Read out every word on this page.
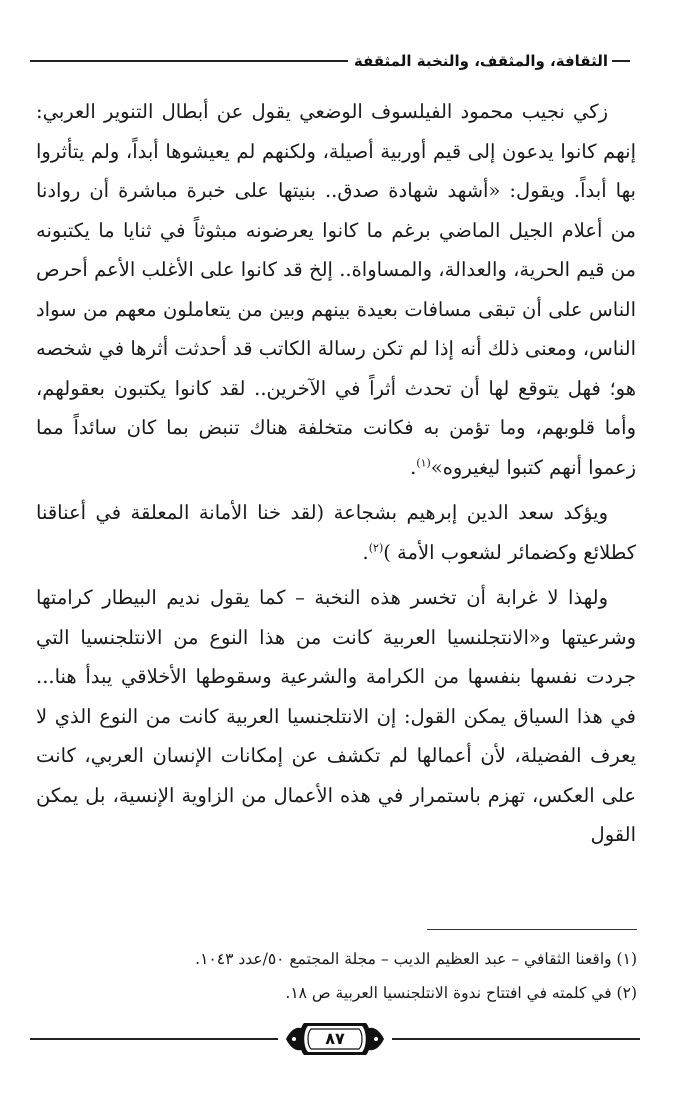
الثقافة، والمثقف، والنخبة المثقفة

زكي نجيب محمود الفيلسوف الوضعي يقول عن أبطال التنوير العربي: إنهم كانوا يدعون إلى قيم أوربية أصيلة، ولكنهم لم يعيشوها أبداً، ولم يتأثروا بها أبداً. ويقول: «أشهد شهادة صدق.. بنيتها على خبرة مباشرة أن روادنا من أعلام الجيل الماضي برغم ما كانوا يعرضونه مبثوثاً في ثنايا ما يكتبونه من قيم الحرية، والعدالة، والمساواة.. إلخ قد كانوا على الأغلب الأعم أحرص الناس على أن تبقى مسافات بعيدة بينهم وبين من يتعاملون معهم من سواد الناس، ومعنى ذلك أنه إذا لم تكن رسالة الكاتب قد أحدثت أثرها في شخصه هو؛ فهل يتوقع لها أن تحدث أثراً في الآخرين.. لقد كانوا يكتبون بعقولهم، وأما قلوبهم، وما تؤمن به فكانت متخلفة هناك تنبض بما كان سائداً مما زعموا أنهم كتبوا ليغيروه»$^{(١)}$.

ويؤكد سعد الدين إبرهيم بشجاعة (لقد خنا الأمانة المعلقة في أعناقنا كطلائع وكضمائر لشعوب الأمة )$^{(٢)}$.

ولهذا لا غرابة أن تخسر هذه النخبة – كما يقول نديم البيطار كرامتها وشرعيتها و«الانتجلنسيا العربية كانت من هذا النوع من الانتلجنسيا التي جردت نفسها بنفسها من الكرامة والشرعية وسقوطها الأخلاقي يبدأ هنا... في هذا السياق يمكن القول: إن الانتلجنسيا العربية كانت من النوع الذي لا يعرف الفضيلة، لأن أعمالها لم تكشف عن إمكانات الإنسان العربي، كانت على العكس، تهزم باستمرار في هذه الأعمال من الزاوية الإنسية، بل يمكن القول

(١) واقعنا الثقافي – عبد العظيم الديب – مجلة المجتمع ٥٠/عدد ١٠٤٣.

(٢) في كلمته في افتتاح ندوة الانتلجنسيا العربية ص ١٨.

٨٧
